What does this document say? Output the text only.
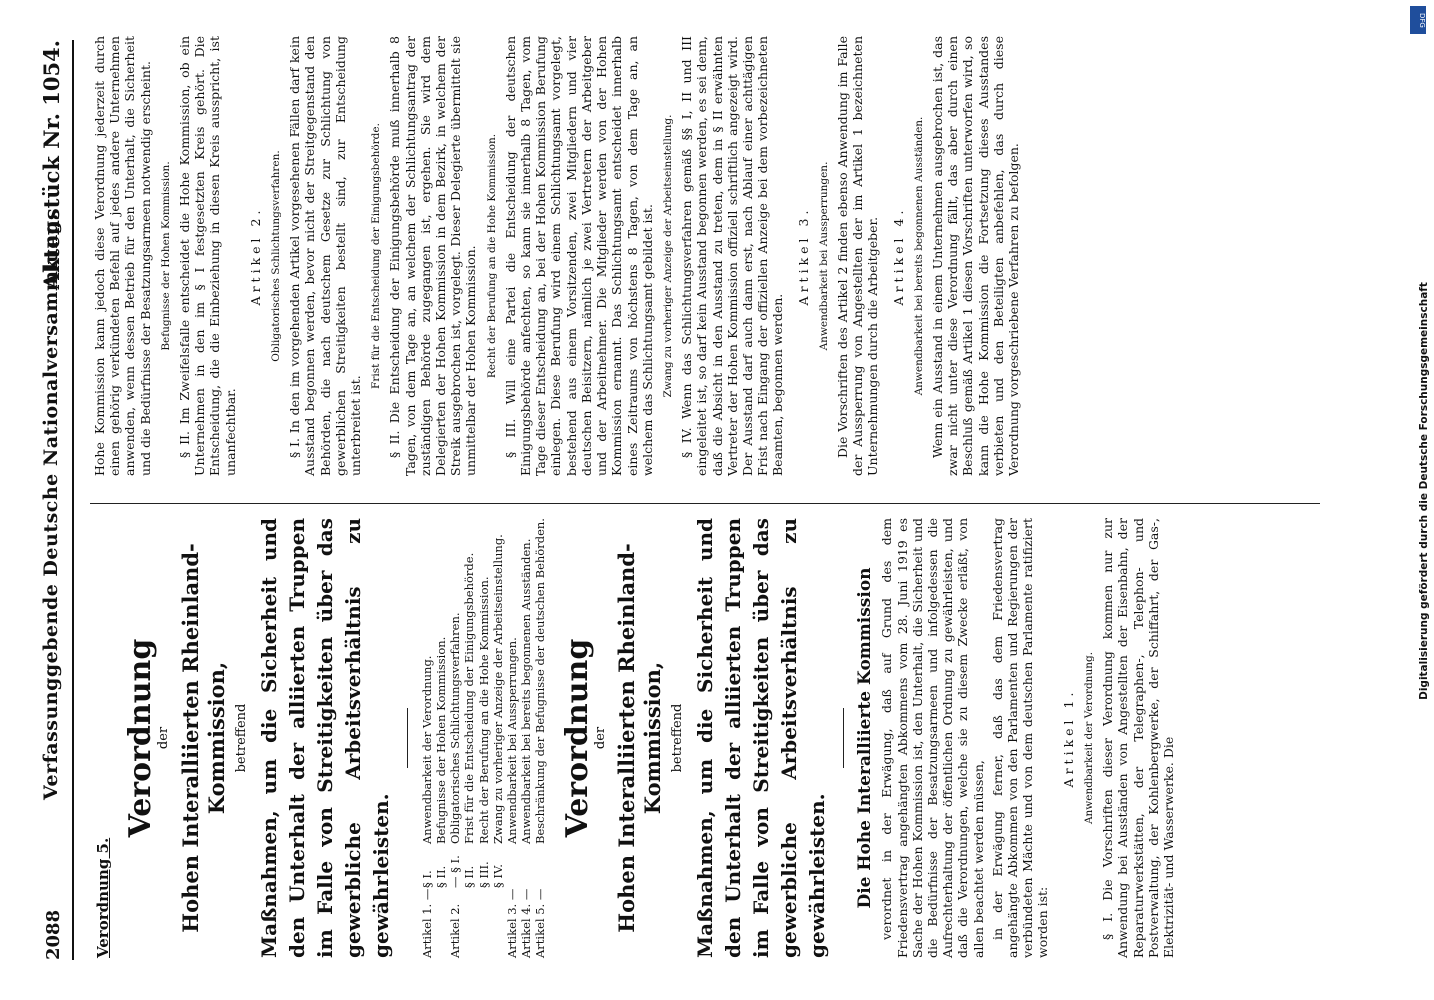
2088
Verfassunggebende Deutsche Nationalversammlung.
Aktenstück Nr. 1054.
Verordnung 5.
Verordnung
der Hohen Interalliierten Rheinland-Kommission, betreffend Maßnahmen, um die Sicherheit und den Unterhalt der alliierten Truppen im Falle von Streitigkeiten über das gewerbliche Arbeitsverhältnis zu gewährleisten. Artikel 1. —
§ I.
Anwendbarkeit der Verordnung.
§ II.
Befugnisse der Hohen Kommission.
Artikel 2.
— § I.
Obligatorisches Schlichtungsverfahren.
§ II.
Frist für die Entscheidung der Einigungsbehörde.
§ III.
Recht der Berufung an die Hohe Kommission.
§ IV.
Zwang zu vorheriger Anzeige der Arbeitseinstellung.
Artikel 3. —
Anwendbarkeit bei Aussperrungen.
Artikel 4. —
Anwendbarkeit bei bereits begonnenen Ausständen.
Artikel 5. —
Beschränkung der Befugnisse der deutschen Behörden. Verordnung
der Hohen Interalliierten Rheinland-Kommission, betreffend Maßnahmen, um die Sicherheit und den Unterhalt der alliierten Truppen im Falle von Streitigkeiten über das gewerbliche Arbeitsverhältnis zu gewährleisten. Die Hohe Interalliierte Kommission verordnet in der Erwägung, daß auf Grund des dem Friedensvertrag angehängten Abkommens vom 28. Juni 1919 es Sache der Hohen Kommission ist, den Unterhalt, die Sicherheit und die Bedürfnisse der Besatzungsarmeen und infolgedessen die Aufrechterhaltung der öffentlichen Ordnung zu gewährleisten, und daß die Verordnungen, welche sie zu diesem Zwecke erläßt, von allen beachtet werden müssen, in der Erwägung ferner, daß das dem Friedensvertrag angehängte Abkommen von den Parlamenten und Regierungen der verbündeten Mächte und von dem deutschen Parlamente ratifiziert worden ist:

Artikel 1. Anwendbarkeit der Verordnung. § I. Die Vorschriften dieser Verordnung kommen nur zur Anwendung bei Ausständen von Angestellten der Eisenbahn, der Reparaturwerkstätten, der Telegraphen-, Telephon- und Postverwaltung, der Kohlenbergwerke, der Schiffahrt, der Gas-, Elektrizität- und Wasserwerke. Die

Hohe Kommission kann jedoch diese Verordnung jederzeit durch einen gehörig verkündeten Befehl auf jedes andere Unternehmen anwenden, wenn dessen Betrieb für den Unterhalt, die Sicherheit und die Bedürfnisse der Besatzungsarmeen notwendig erscheint. Befugnisse der Hohen Kommission. § II. Im Zweifelsfalle entscheidet die Hohe Kommission, ob ein Unternehmen in den im § I festgesetzten Kreis gehört. Die Entscheidung, die die Einbeziehung in diesen Kreis ausspricht, ist unanfechtbar.

Artikel 2. Obligatorisches Schlichtungsverfahren. § I. In den im vorgehenden Artikel vorgesehenen Fällen darf kein Ausstand begonnen werden, bevor nicht der Streitgegenstand den Behörden, die nach deutschem Gesetze zur Schlichtung von gewerblichen Streitigkeiten bestellt sind, zur Entscheidung unterbreitet ist.

Frist für die Entscheidung der Einigungsbehörde. § II. Die Entscheidung der Einigungsbehörde muß innerhalb 8 Tagen, von dem Tage an, an welchem der Schlichtungsantrag der zuständigen Behörde zugegangen ist, ergehen. Sie wird dem Delegierten der Hohen Kommission in dem Bezirk, in welchem der Streik ausgebrochen ist, vorgelegt. Dieser Delegierte übermittelt sie unmittelbar der Hohen Kommission. Recht der Berufung an die Hohe Kommission. § III. Will eine Partei die Entscheidung der deutschen Einigungsbehörde anfechten, so kann sie innerhalb 8 Tagen, vom Tage dieser Entscheidung an, bei der Hohen Kommission Berufung einlegen. Diese Berufung wird einem Schlichtungsamt vorgelegt, bestehend aus einem Vorsitzenden, zwei Mitgliedern und vier deutschen Beisitzern, nämlich je zwei Vertretern der Arbeitgeber und der Arbeitnehmer. Die Mitglieder werden von der Hohen Kommission ernannt. Das Schlichtungsamt entscheidet innerhalb eines Zeitraums von höchstens 8 Tagen, von dem Tage an, an welchem das Schlichtungsamt gebildet ist. Zwang zu vorheriger Anzeige der Arbeitseinstellung. § IV. Wenn das Schlichtungsverfahren gemäß §§ I, II und III eingeleitet ist, so darf kein Ausstand begonnen werden, es sei denn, daß die Absicht in den Ausstand zu treten, dem in § II erwähnten Vertreter der Hohen Kommission offiziell schriftlich angezeigt wird. Der Ausstand darf auch dann erst, nach Ablauf einer achttägigen Frist nach Eingang der offiziellen Anzeige bei dem vorbezeichneten Beamten, begonnen werden.

Artikel 3. Anwendbarkeit bei Aussperrungen. Die Vorschriften des Artikel 2 finden ebenso Anwendung im Falle der Aussperrung von Angestellten der im Artikel 1 bezeichneten Unternehmungen durch die Arbeitgeber. Artikel 4. Anwendbarkeit bei bereits begonnenen Ausständen. Wenn ein Ausstand in einem Unternehmen ausgebrochen ist, das zwar nicht unter diese Verordnung fällt, das aber durch einen Beschluß gemäß Artikel 1 diesen Vorschriften unterworfen wird, so kann die Hohe Kommission die Fortsetzung dieses Ausstandes verbieten und den Beteiligten anbefehlen, das durch diese Verordnung vorgeschriebene Verfahren zu befolgen.

DFG
Digitalisierung gefördert durch die Deutsche Forschungsgemeinschaft
